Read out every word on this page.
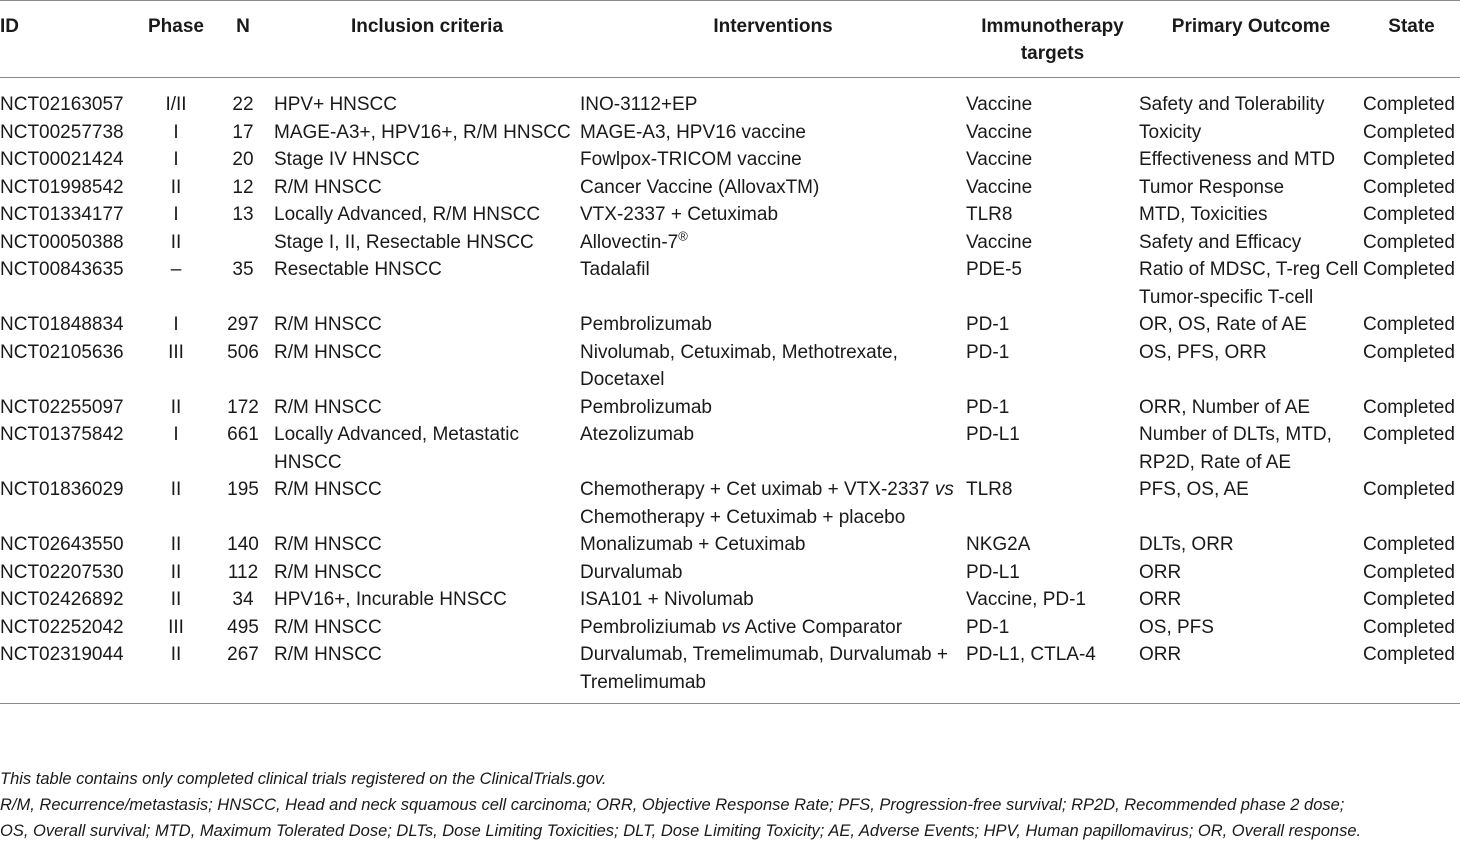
ID	Phase	N	Inclusion criteria	Interventions	Immunotherapy targets	Primary Outcome	State
NCT02163057	I/II	22	HPV+ HNSCC	INO-3112+EP	Vaccine	Safety and Tolerability	Completed
NCT00257738	I	17	MAGE-A3+, HPV16+, R/M HNSCC	MAGE-A3, HPV16 vaccine	Vaccine	Toxicity	Completed
NCT00021424	I	20	Stage IV HNSCC	Fowlpox-TRICOM vaccine	Vaccine	Effectiveness and MTD	Completed
NCT01998542	II	12	R/M HNSCC	Cancer Vaccine (AllovaxTM)	Vaccine	Tumor Response	Completed
NCT01334177	I	13	Locally Advanced, R/M HNSCC	VTX-2337 + Cetuximab	TLR8	MTD, Toxicities	Completed
NCT00050388	II		Stage I, II, Resectable HNSCC	Allovectin-7®	Vaccine	Safety and Efficacy	Completed
NCT00843635	–	35	Resectable HNSCC	Tadalafil	PDE-5	Ratio of MDSC, T-reg Cell Tumor-specific T-cell	Completed
NCT01848834	I	297	R/M HNSCC	Pembrolizumab	PD-1	OR, OS, Rate of AE	Completed
NCT02105636	III	506	R/M HNSCC	Nivolumab, Cetuximab, Methotrexate, Docetaxel	PD-1	OS, PFS, ORR	Completed
NCT02255097	II	172	R/M HNSCC	Pembrolizumab	PD-1	ORR, Number of AE	Completed
NCT01375842	I	661	Locally Advanced, Metastatic HNSCC	Atezolizumab	PD-L1	Number of DLTs, MTD, RP2D, Rate of AE	Completed
NCT01836029	II	195	R/M HNSCC	Chemotherapy + Cet uximab + VTX-2337 vs Chemotherapy + Cetuximab + placebo	TLR8	PFS, OS, AE	Completed
NCT02643550	II	140	R/M HNSCC	Monalizumab + Cetuximab	NKG2A	DLTs, ORR	Completed
NCT02207530	II	112	R/M HNSCC	Durvalumab	PD-L1	ORR	Completed
NCT02426892	II	34	HPV16+, Incurable HNSCC	ISA101 + Nivolumab	Vaccine, PD-1	ORR	Completed
NCT02252042	III	495	R/M HNSCC	Pembroliziumab vs Active Comparator	PD-1	OS, PFS	Completed
NCT02319044	II	267	R/M HNSCC	Durvalumab, Tremelimumab, Durvalumab + Tremelimumab	PD-L1, CTLA-4	ORR	Completed

This table contains only completed clinical trials registered on the ClinicalTrials.gov.

R/M, Recurrence/metastasis; HNSCC, Head and neck squamous cell carcinoma; ORR, Objective Response Rate; PFS, Progression-free survival; RP2D, Recommended phase 2 dose;

OS, Overall survival; MTD, Maximum Tolerated Dose; DLTs, Dose Limiting Toxicities; DLT, Dose Limiting Toxicity; AE, Adverse Events; HPV, Human papillomavirus; OR, Overall response.
